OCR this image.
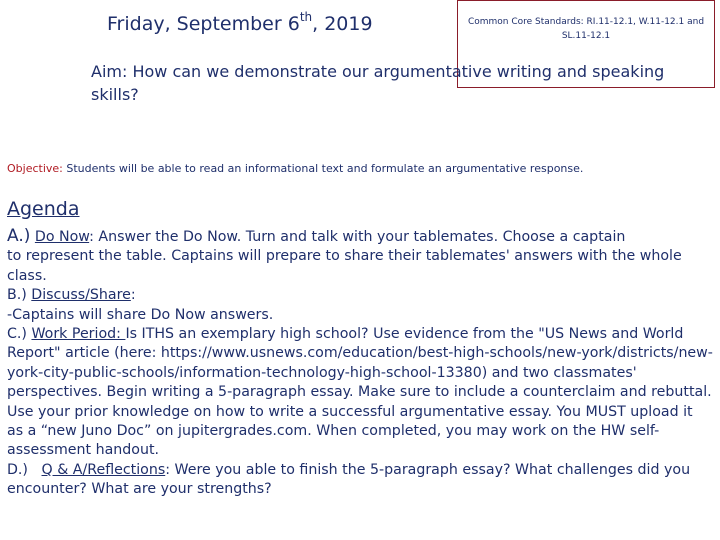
Friday, September 6th, 2019	Common Core Standards: RI.11-12.1, W.11-12.1 and SL.11-12.1
Aim: How can we demonstrate our argumentative writing and speaking skills?
Objective: Students will be able to read an informational text and formulate an argumentative response.
Agenda

A.) Do Now: Answer the Do Now. Turn and talk with your tablemates. Choose a captain
to represent the table. Captains will prepare to share their tablemates' answers with the whole class.

B.) Discuss/Share:

-Captains will share Do Now answers.

C.) Work Period: Is ITHS an exemplary high school? Use evidence from the "US News and World Report" article (here: https://www.usnews.com/education/best-high-schools/new-york/districts/new-york-city-public-schools/information-technology-high-school-13380) and two classmates' perspectives. Begin writing a 5-paragraph essay. Make sure to include a counterclaim and rebuttal. Use your prior knowledge on how to write a successful argumentative essay. You MUST upload it as a “new Juno Doc” on jupitergrades.com. When completed, you may work on the HW self-assessment handout.

D.) Q & A/Reflections: Were you able to finish the 5-paragraph essay? What challenges did you encounter? What are your strengths?
